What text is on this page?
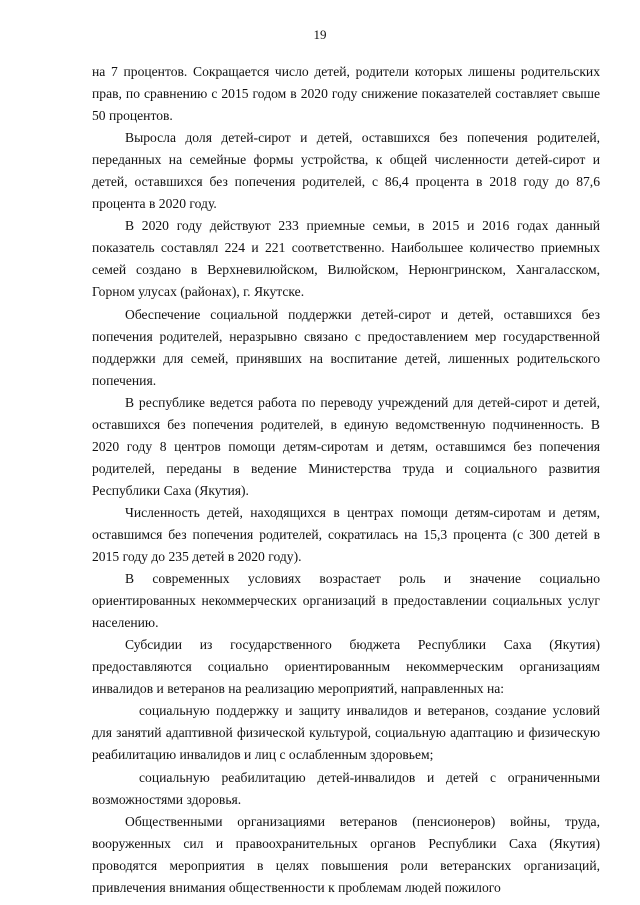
19

на 7 процентов. Сокращается число детей, родители которых лишены родительских прав, по сравнению с 2015 годом в 2020 году снижение показателей составляет свыше 50 процентов.

Выросла доля детей-сирот и детей, оставшихся без попечения родителей, переданных на семейные формы устройства, к общей численности детей-сирот и детей, оставшихся без попечения родителей, с 86,4 процента в 2018 году до 87,6 процента в 2020 году.

В 2020 году действуют 233 приемные семьи, в 2015 и 2016 годах данный показатель составлял 224 и 221 соответственно. Наибольшее количество приемных семей создано в Верхневилюйском, Вилюйском, Нерюнгринском, Хангаласском, Горном улусах (районах), г. Якутске.

Обеспечение социальной поддержки детей-сирот и детей, оставшихся без попечения родителей, неразрывно связано с предоставлением мер государственной поддержки для семей, принявших на воспитание детей, лишенных родительского попечения.

В республике ведется работа по переводу учреждений для детей-сирот и детей, оставшихся без попечения родителей, в единую ведомственную подчиненность. В 2020 году 8 центров помощи детям-сиротам и детям, оставшимся без попечения родителей, переданы в ведение Министерства труда и социального развития Республики Саха (Якутия).

Численность детей, находящихся в центрах помощи детям-сиротам и детям, оставшимся без попечения родителей, сократилась на 15,3 процента (с 300 детей в 2015 году до 235 детей в 2020 году).

В современных условиях возрастает роль и значение социально ориентированных некоммерческих организаций в предоставлении социальных услуг населению.

Субсидии из государственного бюджета Республики Саха (Якутия) предоставляются социально ориентированным некоммерческим организациям инвалидов и ветеранов на реализацию мероприятий, направленных на:

социальную поддержку и защиту инвалидов и ветеранов, создание условий для занятий адаптивной физической культурой, социальную адаптацию и физическую реабилитацию инвалидов и лиц с ослабленным здоровьем;

социальную реабилитацию детей-инвалидов и детей с ограниченными возможностями здоровья.

Общественными организациями ветеранов (пенсионеров) войны, труда, вооруженных сил и правоохранительных органов Республики Саха (Якутия) проводятся мероприятия в целях повышения роли ветеранских организаций, привлечения внимания общественности к проблемам людей пожилого
